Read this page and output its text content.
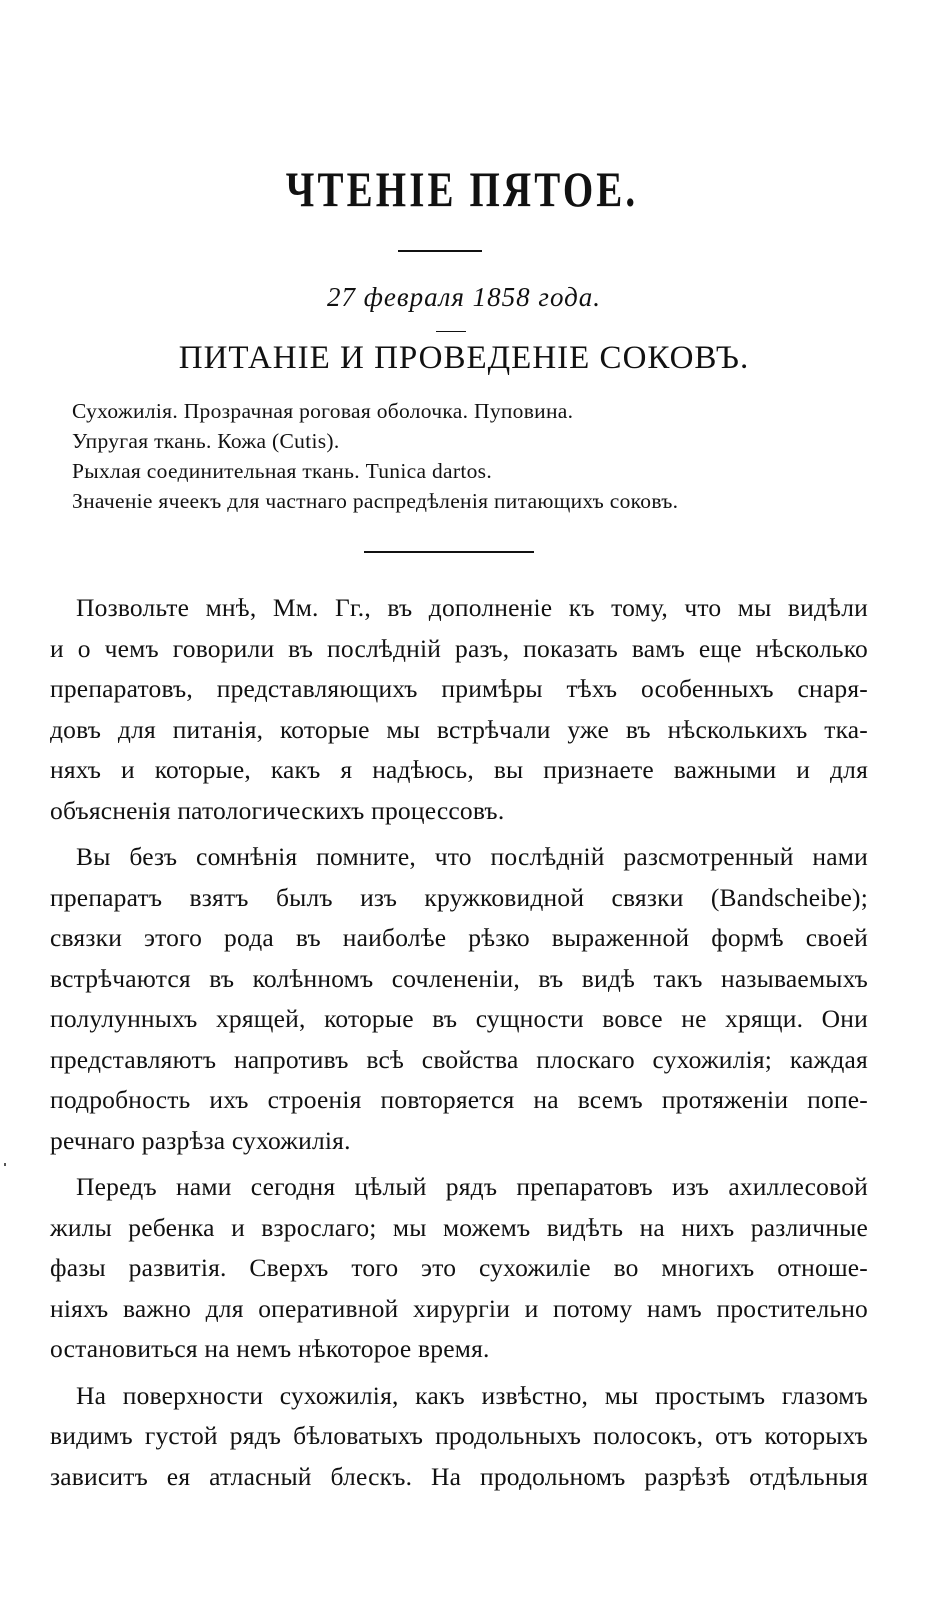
ЧТЕНІЕ ПЯТОЕ.
27 февраля 1858 года.
ПИТАНІЕ И ПРОВЕДЕНІЕ СОКОВЪ.
Сухожилія. Прозрачная роговая оболочка. Пуповина.
Упругая ткань. Кожа (Cutis).
Рыхлая соединительная ткань. Tunica dartos.
Значеніе ячеекъ для частнаго распредѣленія питающихъ соковъ.
Позвольте мнѣ, Мм. Гг., въ дополненіе къ тому, что мы видѣли
и о чемъ говорили въ послѣдній разъ, показать вамъ еще нѣсколько
препаратовъ, представляющихъ примѣры тѣхъ особенныхъ снаря-
довъ для питанія, которые мы встрѣчали уже въ нѣсколькихъ тка-
няхъ и которые, какъ я надѣюсь, вы признаете важными и для
объясненія патологическихъ процессовъ.
Вы безъ сомнѣнія помните, что послѣдній разсмотренный нами
препаратъ взятъ былъ изъ кружковидной связки (Bandscheibe);
связки этого рода въ наиболѣе рѣзко выраженной формѣ своей
встрѣчаются въ колѣнномъ сочлененіи, въ видѣ такъ называемыхъ
полулунныхъ хрящей, которые въ сущности вовсе не хрящи. Они
представляютъ напротивъ всѣ свойства плоскаго сухожилія; каждая
подробность ихъ строенія повторяется на всемъ протяженіи попе-
речнаго разрѣза сухожилія.
Передъ нами сегодня цѣлый рядъ препаратовъ изъ ахиллесовой
жилы ребенка и взрослаго; мы можемъ видѣть на нихъ различные
фазы развитія. Сверхъ того это сухожиліе во многихъ отноше-
ніяхъ важно для оперативной хирургіи и потому намъ простительно
остановиться на немъ нѣкоторое время.
На поверхности сухожилія, какъ извѣстно, мы простымъ глазомъ
видимъ густой рядъ бѣловатыхъ продольныхъ полосокъ, отъ которыхъ
зависитъ ея атласный блескъ. На продольномъ разрѣзѣ отдѣльныя
